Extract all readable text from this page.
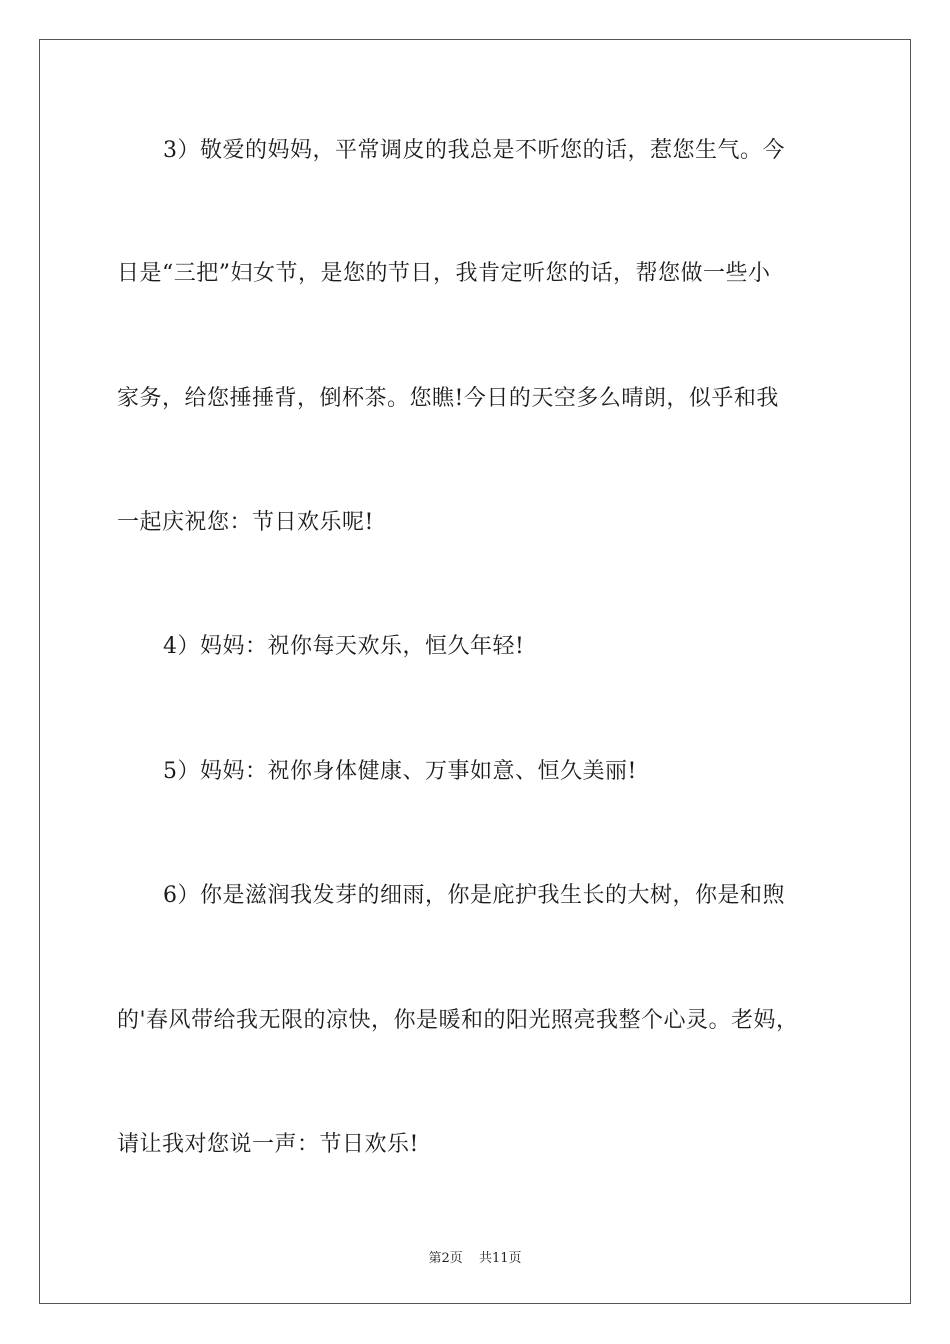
3）敬爱的妈妈，平常调皮的我总是不听您的话，惹您生气。今
日是“三把”妇女节，是您的节日，我肯定听您的话，帮您做一些小
家务，给您捶捶背，倒杯茶。您瞧!今日的天空多么晴朗，似乎和我
一起庆祝您：节日欢乐呢!
4）妈妈：祝你每天欢乐，恒久年轻!
5）妈妈：祝你身体健康、万事如意、恒久美丽!
6）你是滋润我发芽的细雨，你是庇护我生长的大树，你是和煦
的'春风带给我无限的凉快，你是暖和的阳光照亮我整个心灵。老妈，
请让我对您说一声：节日欢乐!
第2页 共11页
